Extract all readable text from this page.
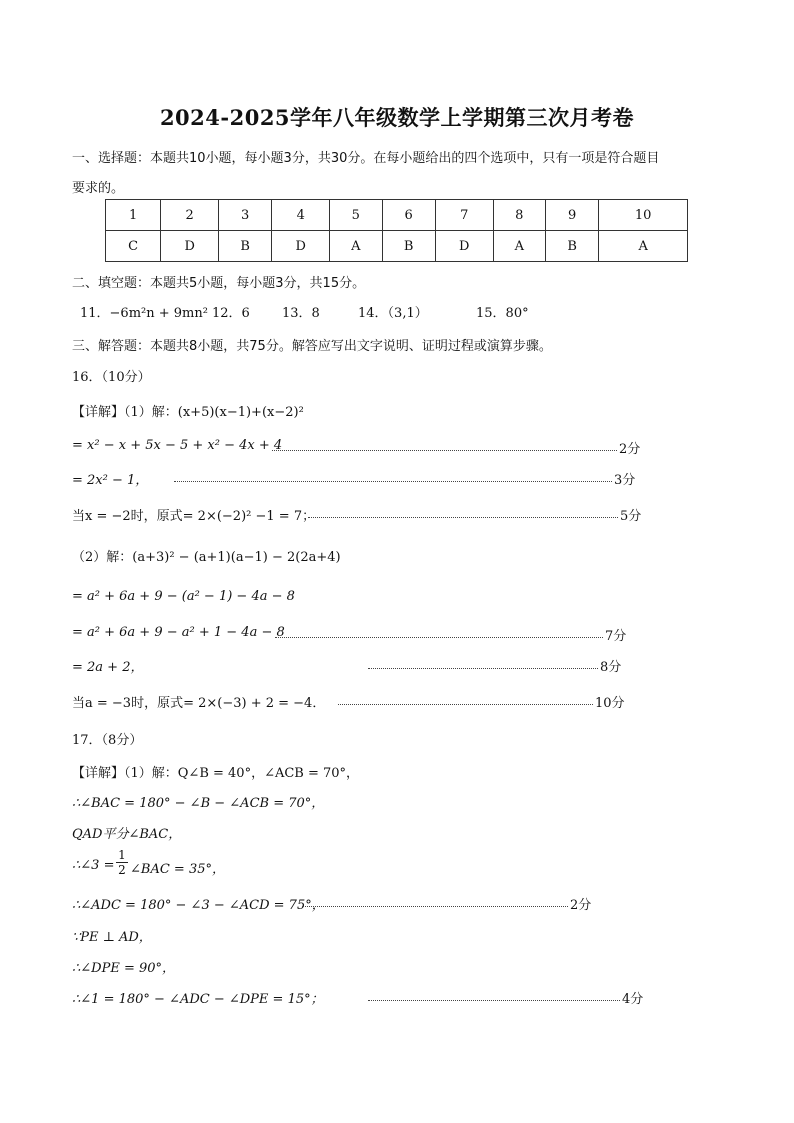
2024-2025学年八年级数学上学期第三次月考卷
一、选择题：本题共10小题，每小题3分，共30分。在每小题给出的四个选项中，只有一项是符合题目
要求的。
1	2	3	4	5	6	7	8	9	10
C	D	B	D	A	B	D	A	B	A
二、填空题：本题共5小题，每小题3分，共15分。
11．−6m²n + 9mn² 12．6 13．8	14．（3,1）	15．80°
三、解答题：本题共8小题，共75分。解答应写出文字说明、证明过程或演算步骤。
16．（10分）
【详解】（1）解：(x+5)(x−1)+(x−2)²
= x² − x + 5x − 5 + x² − 4x + 4	2分
= 2x² − 1，	3分
当x = −2时，原式= 2×(−2)² −1 = 7；	5分
（2）解：(a+3)² − (a+1)(a−1) − 2(2a+4)
= a² + 6a + 9 − (a² − 1) − 4a − 8
= a² + 6a + 9 − a² + 1 − 4a − 8	7分
= 2a + 2，	8分
当a = −3时，原式= 2×(−3) + 2 = −4．	10分
17．（8分）
【详解】（1）解：Q∠B = 40°，∠ACB = 70°，
∴∠BAC = 180° − ∠B − ∠ACB = 70°，
QAD平分∠BAC，
∴∠3 = $\frac{1}{2}$ ∠BAC = 35°，
∴∠ADC = 180° − ∠3 − ∠ACD = 75°，	2分
∵PE ⊥ AD，
∴∠DPE = 90°，
∴∠1 = 180° − ∠ADC − ∠DPE = 15°；	4分
